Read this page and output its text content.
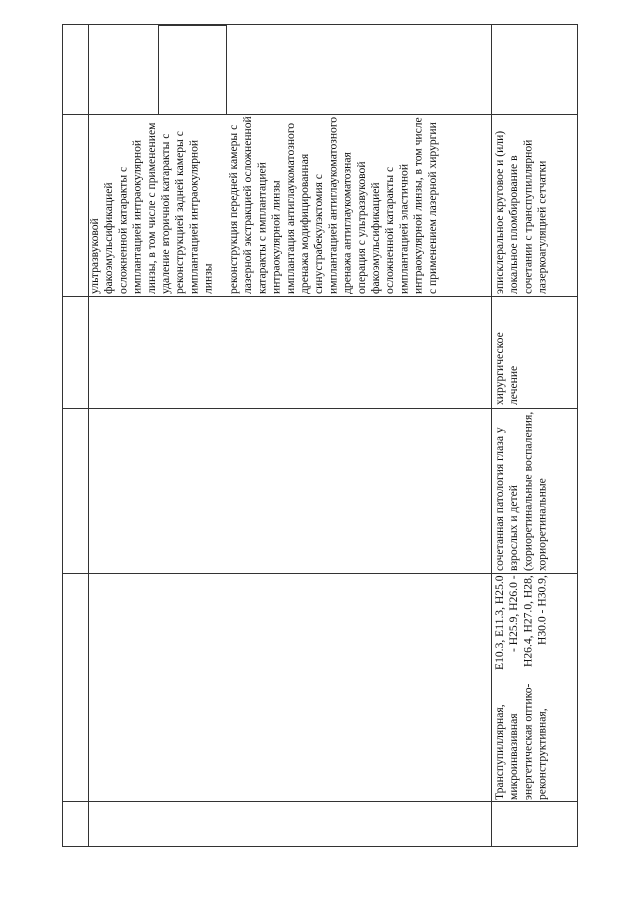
Транспупиллярная, микроинвазивная энергетическая оптико-реконструктивная,
E10.3, E11.3, H25.0 - H25.9, H26.0 - H26.4, H27.0, H28, H30.0 - H30.9,
сочетанная патология глаза у взрослых и детей (хориоретинальные воспаления, хориоретинальные
хирургическое лечение
ультразвуковой факоэмульсификацией осложненной катаракты с имплантацией интраокулярной линзы, в том числе с применением удаление вторичной катаракты с реконструкцией задней камеры с имплантацией интраокулярной линзы реконструкция передней камеры с лазерной экстракцией осложненной катаракты с имплантацией интраокулярной линзы имплантация антиглаукоматозного дренажа модифицированная синустрабекулэктомия с имплантацией антиглаукоматозного дренажа антиглаукоматозная операция с ультразвуковой факоэмульсификацией осложненной катаракты с имплантацией эластичной интраокулярной линзы, в том числе с применением лазерной хирургии	эписклеральное круговое и (или) локальное пломбирование в сочетании с транспупиллярной лазеркоагуляцией сетчатки
